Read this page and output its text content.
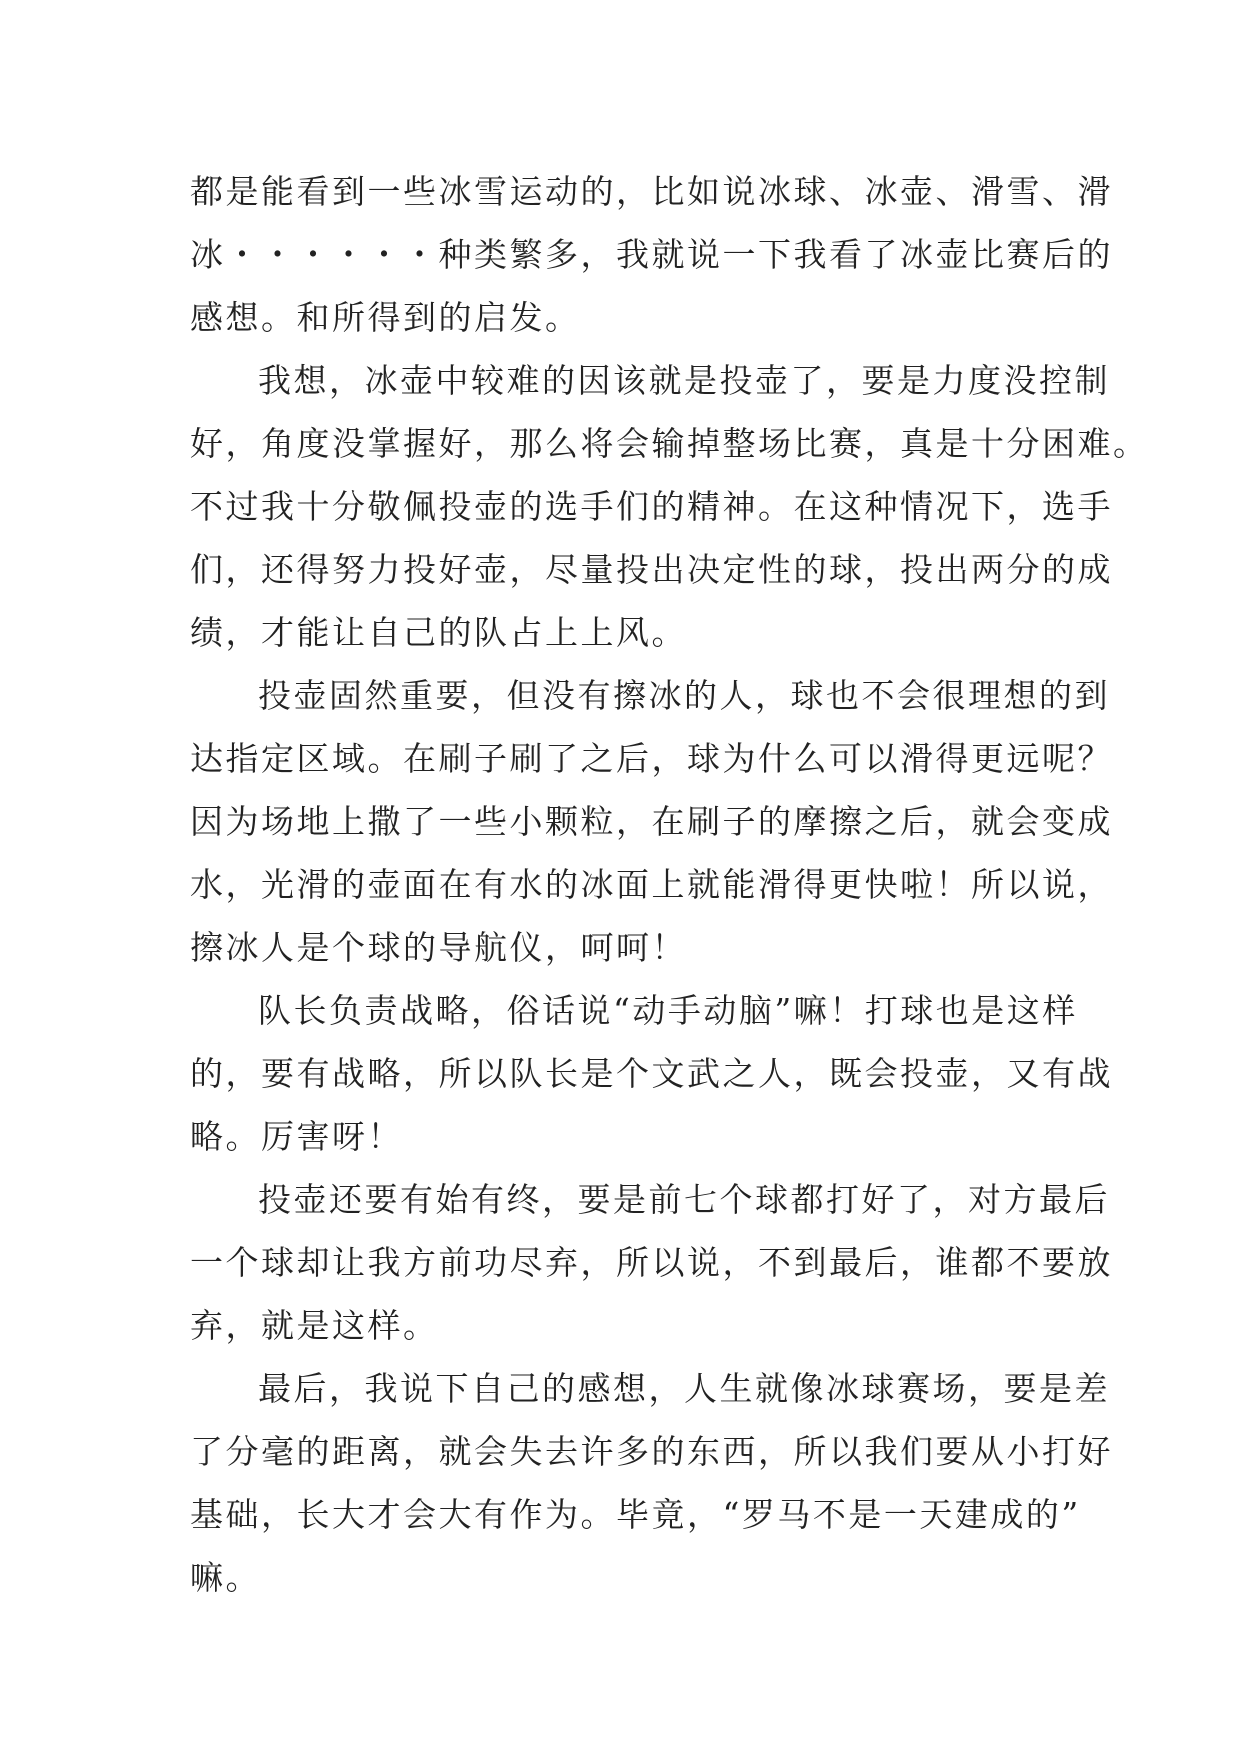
都是能看到一些冰雪运动的，比如说冰球、冰壶、滑雪、滑
冰・・・・・・种类繁多，我就说一下我看了冰壶比赛后的
感想。和所得到的启发。
我想，冰壶中较难的因该就是投壶了，要是力度没控制
好，角度没掌握好，那么将会输掉整场比赛，真是十分困难。
不过我十分敬佩投壶的选手们的精神。在这种情况下，选手
们，还得努力投好壶，尽量投出决定性的球，投出两分的成
绩，才能让自己的队占上上风。
投壶固然重要，但没有擦冰的人，球也不会很理想的到
达指定区域。在刷子刷了之后，球为什么可以滑得更远呢？
因为场地上撒了一些小颗粒，在刷子的摩擦之后，就会变成
水，光滑的壶面在有水的冰面上就能滑得更快啦！所以说，
擦冰人是个球的导航仪，呵呵！
队长负责战略，俗话说“动手动脑”嘛！打球也是这样
的，要有战略，所以队长是个文武之人，既会投壶，又有战
略。厉害呀！
投壶还要有始有终，要是前七个球都打好了，对方最后
一个球却让我方前功尽弃，所以说，不到最后，谁都不要放
弃，就是这样。
最后，我说下自己的感想，人生就像冰球赛场，要是差
了分毫的距离，就会失去许多的东西，所以我们要从小打好
基础，长大才会大有作为。毕竟，“罗马不是一天建成的”
嘛。
